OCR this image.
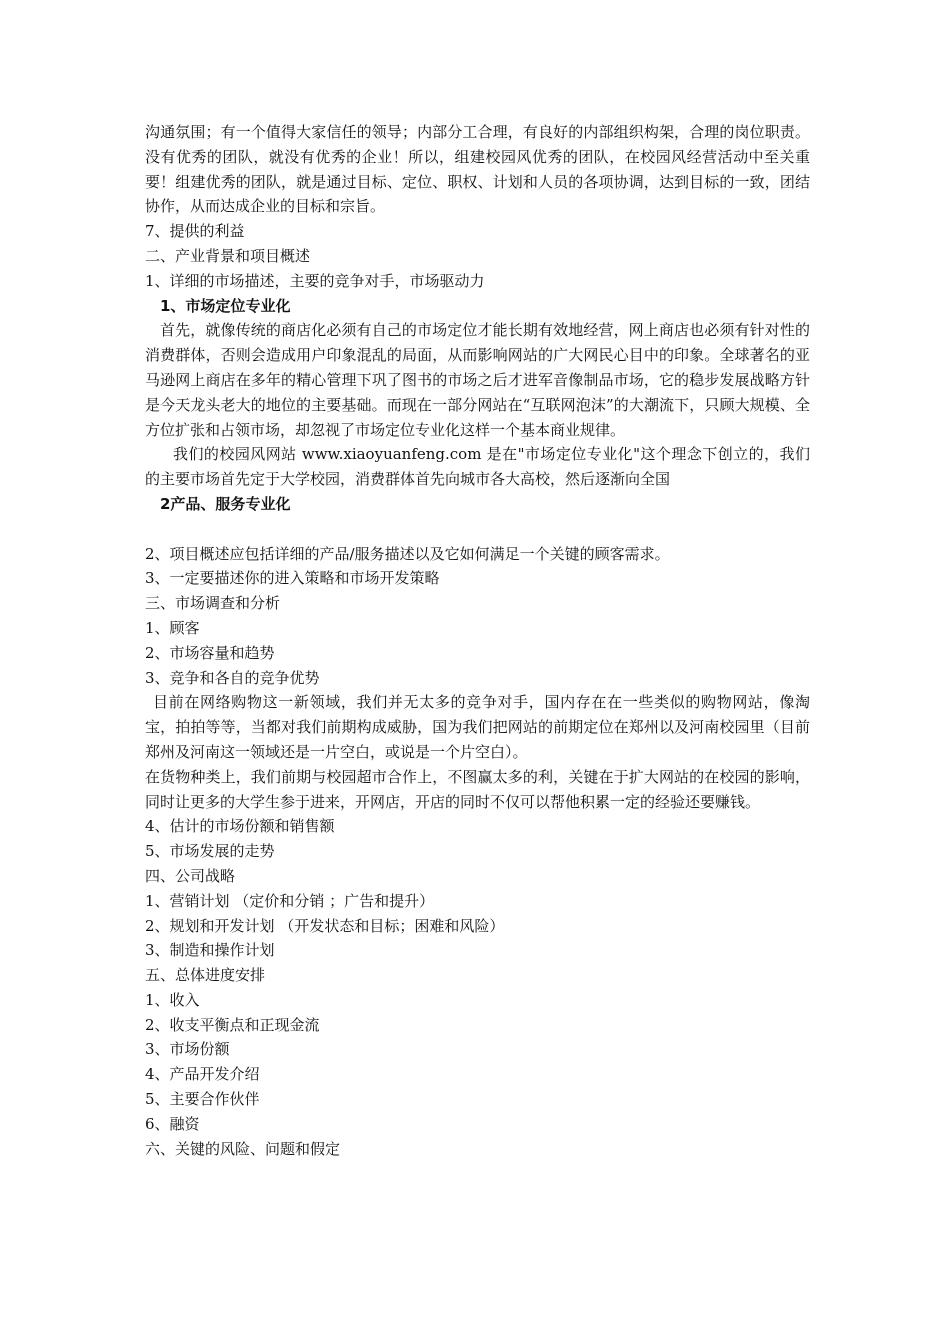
沟通氛围；有一个值得大家信任的领导；内部分工合理，有良好的内部组织构架，合理的岗位职责。没有优秀的团队，就没有优秀的企业！所以，组建校园风优秀的团队，在校园风经营活动中至关重要！组建优秀的团队，就是通过目标、定位、职权、计划和人员的各项协调，达到目标的一致，团结协作，从而达成企业的目标和宗旨。

7、提供的利益

二、产业背景和项目概述

1、详细的市场描述，主要的竞争对手，市场驱动力

1、市场定位专业化

首先，就像传统的商店化必须有自己的市场定位才能长期有效地经营，网上商店也必须有针对性的消费群体，否则会造成用户印象混乱的局面，从而影响网站的广大网民心目中的印象。全球著名的亚马逊网上商店在多年的精心管理下巩了图书的市场之后才进军音像制品市场，它的稳步发展战略方针是今天龙头老大的地位的主要基础。而现在一部分网站在“互联网泡沫”的大潮流下，只顾大规模、全方位扩张和占领市场，却忽视了市场定位专业化这样一个基本商业规律。

我们的校园风网站 www.xiaoyuanfeng.com 是在"市场定位专业化"这个理念下创立的，我们的主要市场首先定于大学校园，消费群体首先向城市各大高校，然后逐渐向全国

2产品、服务专业化

2、项目概述应包括详细的产品/服务描述以及它如何满足一个关键的顾客需求。

3、一定要描述你的进入策略和市场开发策略

三、市场调查和分析

1、顾客

2、市场容量和趋势

3、竞争和各自的竞争优势

目前在网络购物这一新领域，我们并无太多的竞争对手，国内存在在一些类似的购物网站，像淘宝，拍拍等等，当都对我们前期构成威胁，国为我们把网站的前期定位在郑州以及河南校园里（目前郑州及河南这一领域还是一片空白，或说是一个片空白）。

在货物种类上，我们前期与校园超市合作上，不图赢太多的利，关键在于扩大网站的在校园的影响，同时让更多的大学生参于进来，开网店，开店的同时不仅可以帮他积累一定的经验还要赚钱。

4、估计的市场份额和销售额

5、市场发展的走势

四、公司战略

1、营销计划 （定价和分销 ；广告和提升）

2、规划和开发计划 （开发状态和目标；困难和风险）

3、制造和操作计划

五、总体进度安排

1、收入

2、收支平衡点和正现金流

3、市场份额

4、产品开发介绍

5、主要合作伙伴

6、融资

六、关键的风险、问题和假定
